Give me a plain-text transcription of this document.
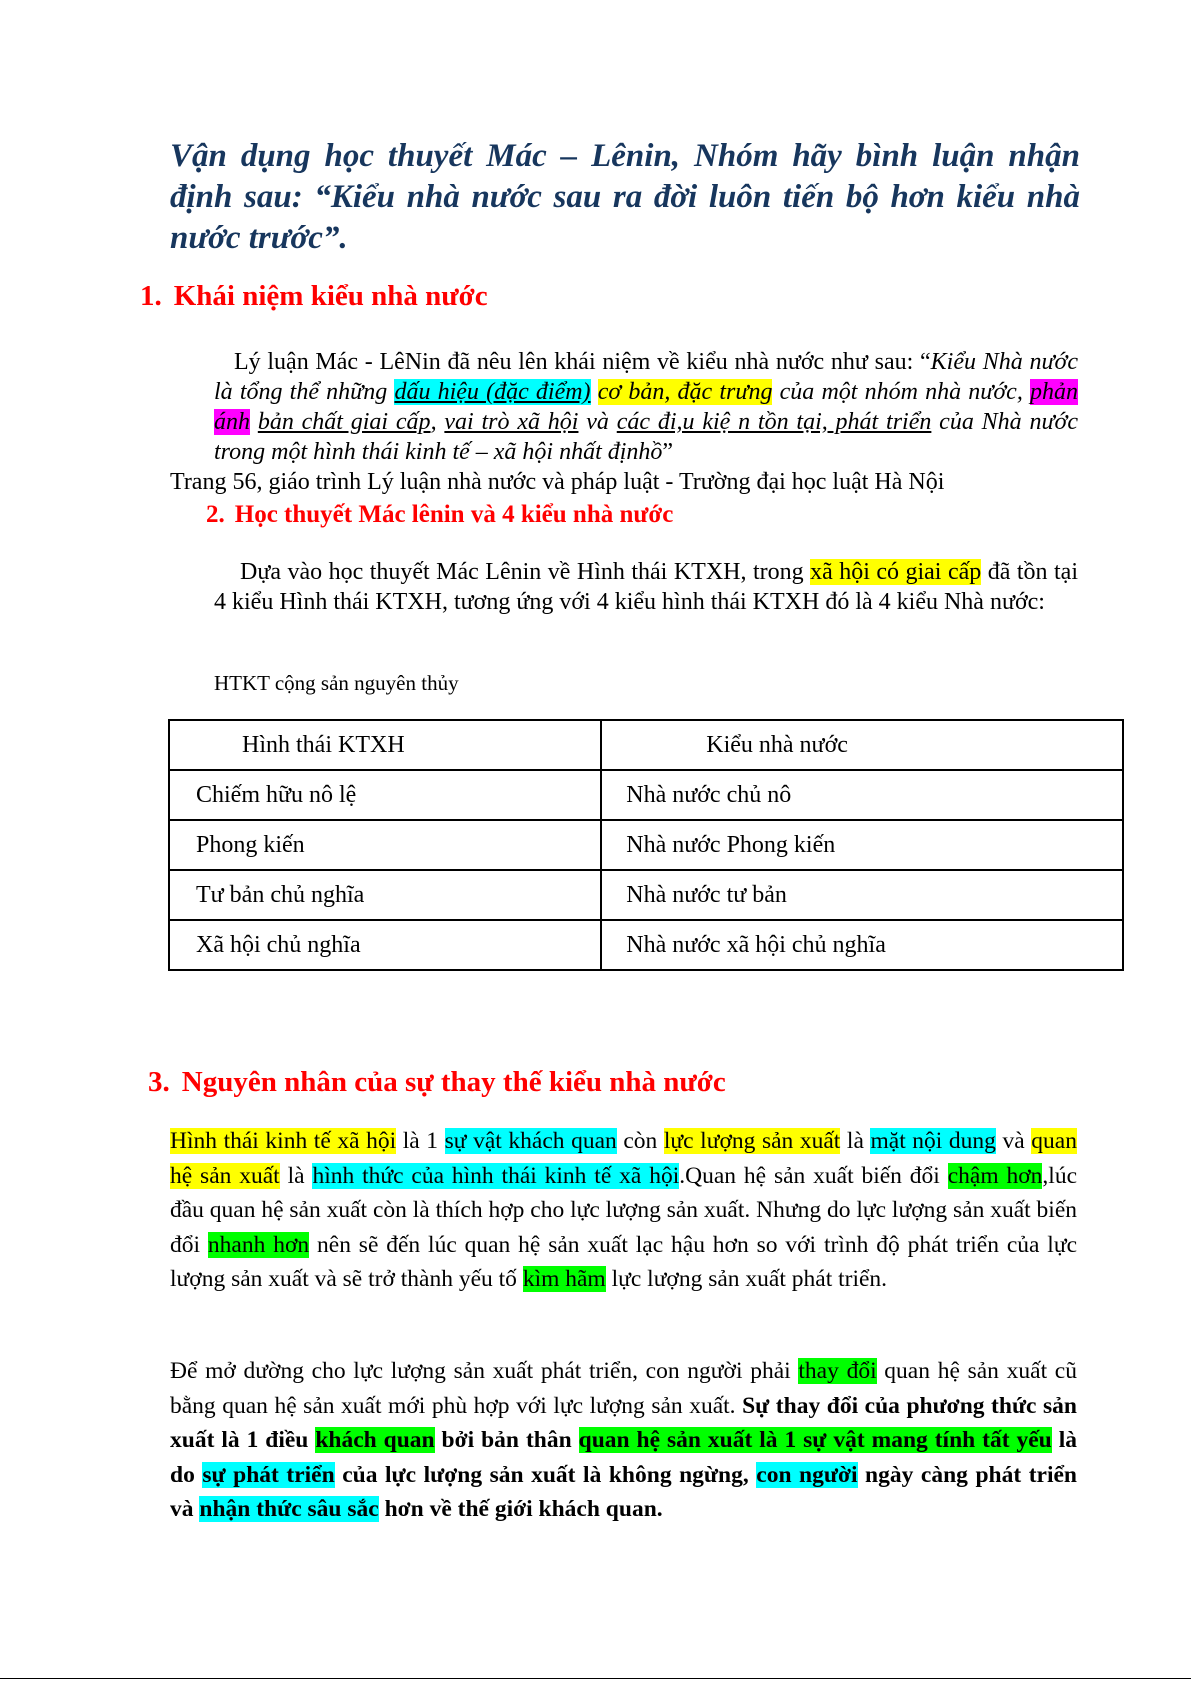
Vận dụng học thuyết Mác – Lênin, Nhóm hãy bình luận nhận định sau: “Kiểu nhà nước sau ra đời luôn tiến bộ hơn kiểu nhà nước trước”.
1. Khái niệm kiểu nhà nước
Lý luận Mác - LêNin đã nêu lên khái niệm về kiểu nhà nước như sau: “Kiểu Nhà nước là tổng thể những dấu hiệu (đặc điểm) cơ bản, đặc trưng của một nhóm nhà nước, phản ánh bản chất giai cấp, vai trò xã hội và các đi,u kiệ n tồn tại, phát triển của Nhà nước trong một hình thái kinh tế – xã hội nhất địnhồ”
Trang 56, giáo trình Lý luận nhà nước và pháp luật - Trường đại học luật Hà Nội
2. Học thuyết Mác lênin và 4 kiểu nhà nước
Dựa vào học thuyết Mác Lênin về Hình thái KTXH, trong xã hội có giai cấp đã tồn tại 4 kiểu Hình thái KTXH, tương ứng với 4 kiểu hình thái KTXH đó là 4 kiểu Nhà nước:
HTKT cộng sản nguyên thủy
Hình thái KTXH	Kiểu nhà nước
Chiếm hữu nô lệ	Nhà nước chủ nô
Phong kiến	Nhà nước Phong kiến
Tư bản chủ nghĩa	Nhà nước tư bản
Xã hội chủ nghĩa	Nhà nước xã hội chủ nghĩa
3. Nguyên nhân của sự thay thế kiểu nhà nước
Hình thái kinh tế xã hội là 1 sự vật khách quan còn lực lượng sản xuất là mặt nội dung và quan hệ sản xuất là hình thức của hình thái kinh tế xã hội.Quan hệ sản xuất biến đổi chậm hơn,lúc đầu quan hệ sản xuất còn là thích hợp cho lực lượng sản xuất. Nhưng do lực lượng sản xuất biến đổi nhanh hơn nên sẽ đến lúc quan hệ sản xuất lạc hậu hơn so với trình độ phát triển của lực lượng sản xuất và sẽ trở thành yếu tố kìm hãm lực lượng sản xuất phát triển.
Để mở dường cho lực lượng sản xuất phát triển, con người phải thay đổi quan hệ sản xuất cũ bằng quan hệ sản xuất mới phù hợp với lực lượng sản xuất. Sự thay đổi của phương thức sản xuất là 1 điều khách quan bởi bản thân quan hệ sản xuất là 1 sự vật mang tính tất yếu là do sự phát triển của lực lượng sản xuất là không ngừng, con người ngày càng phát triển và nhận thức sâu sắc hơn về thế giới khách quan.
